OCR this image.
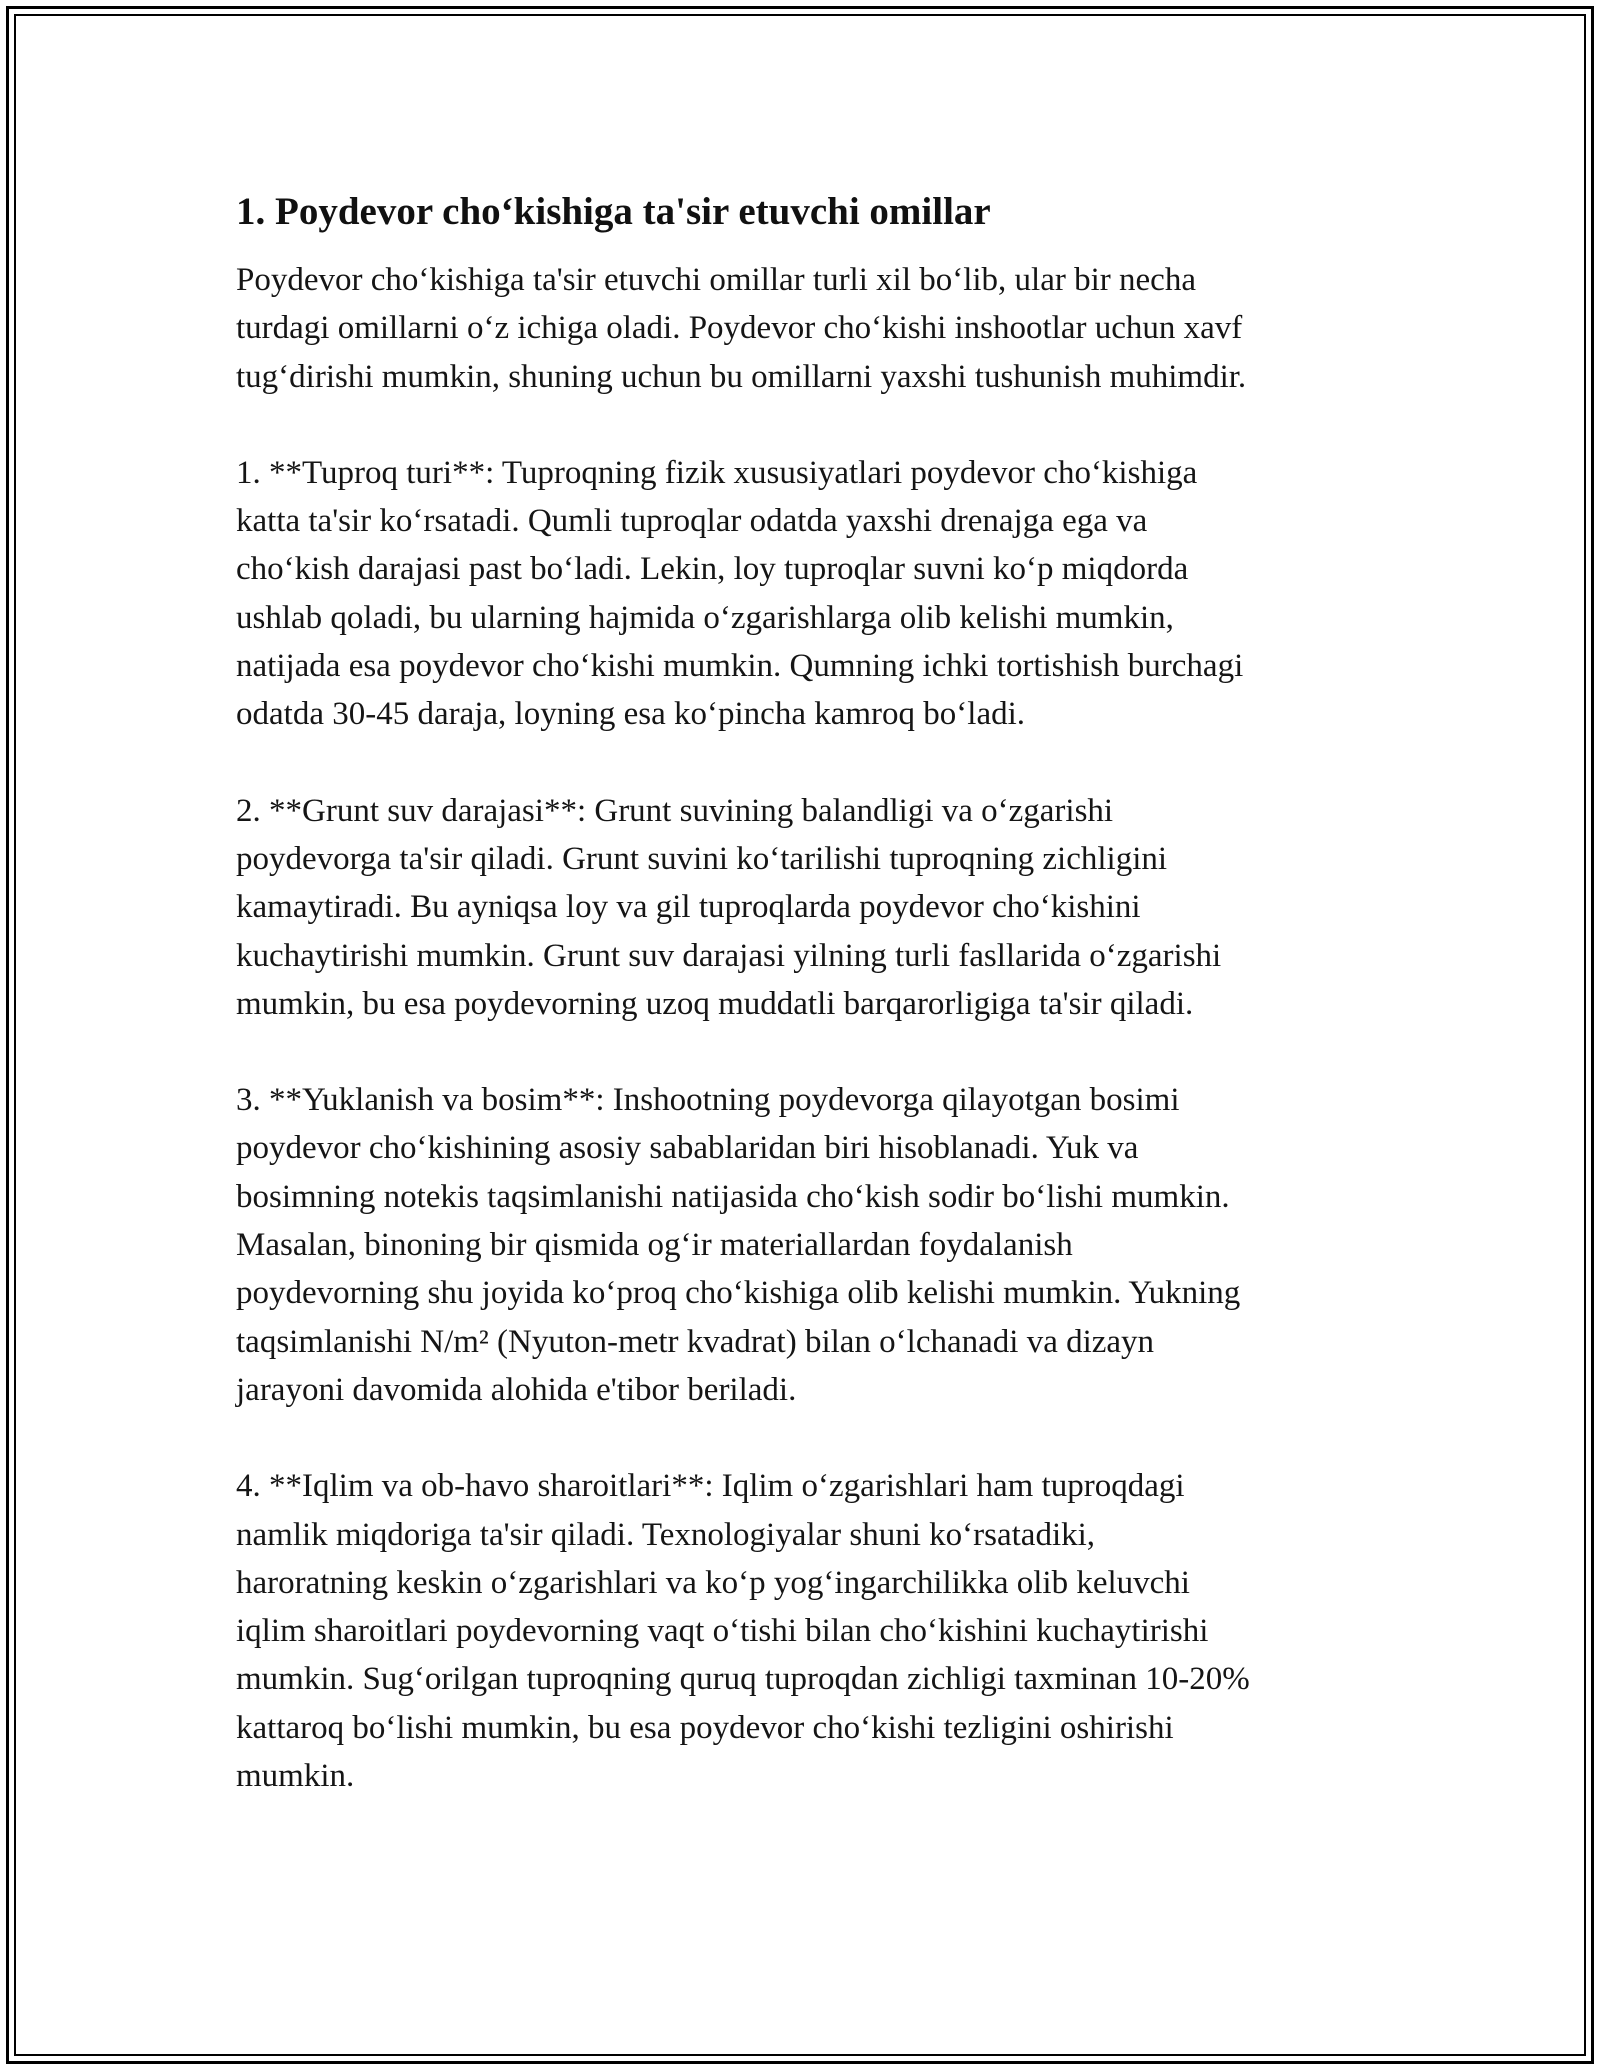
1. Poydevor cho‘kishiga ta'sir etuvchi omillar

Poydevor cho‘kishiga ta'sir etuvchi omillar turli xil bo‘lib, ular bir necha
turdagi omillarni o‘z ichiga oladi. Poydevor cho‘kishi inshootlar uchun xavf
tug‘dirishi mumkin, shuning uchun bu omillarni yaxshi tushunish muhimdir.

1. **Tuproq turi**: Tuproqning fizik xususiyatlari poydevor cho‘kishiga
katta ta'sir ko‘rsatadi. Qumli tuproqlar odatda yaxshi drenajga ega va
cho‘kish darajasi past bo‘ladi. Lekin, loy tuproqlar suvni ko‘p miqdorda
ushlab qoladi, bu ularning hajmida o‘zgarishlarga olib kelishi mumkin,
natijada esa poydevor cho‘kishi mumkin. Qumning ichki tortishish burchagi
odatda 30-45 daraja, loyning esa ko‘pincha kamroq bo‘ladi.

2. **Grunt suv darajasi**: Grunt suvining balandligi va o‘zgarishi
poydevorga ta'sir qiladi. Grunt suvini ko‘tarilishi tuproqning zichligini
kamaytiradi. Bu ayniqsa loy va gil tuproqlarda poydevor cho‘kishini
kuchaytirishi mumkin. Grunt suv darajasi yilning turli fasllarida o‘zgarishi
mumkin, bu esa poydevorning uzoq muddatli barqarorligiga ta'sir qiladi.

3. **Yuklanish va bosim**: Inshootning poydevorga qilayotgan bosimi
poydevor cho‘kishining asosiy sabablaridan biri hisoblanadi. Yuk va
bosimning notekis taqsimlanishi natijasida cho‘kish sodir bo‘lishi mumkin.
Masalan, binoning bir qismida og‘ir materiallardan foydalanish
poydevorning shu joyida ko‘proq cho‘kishiga olib kelishi mumkin. Yukning
taqsimlanishi N/m² (Nyuton-metr kvadrat) bilan o‘lchanadi va dizayn
jarayoni davomida alohida e'tibor beriladi.

4. **Iqlim va ob-havo sharoitlari**: Iqlim o‘zgarishlari ham tuproqdagi
namlik miqdoriga ta'sir qiladi. Texnologiyalar shuni ko‘rsatadiki,
haroratning keskin o‘zgarishlari va ko‘p yog‘ingarchilikka olib keluvchi
iqlim sharoitlari poydevorning vaqt o‘tishi bilan cho‘kishini kuchaytirishi
mumkin. Sug‘orilgan tuproqning quruq tuproqdan zichligi taxminan 10-20%
kattaroq bo‘lishi mumkin, bu esa poydevor cho‘kishi tezligini oshirishi
mumkin.
